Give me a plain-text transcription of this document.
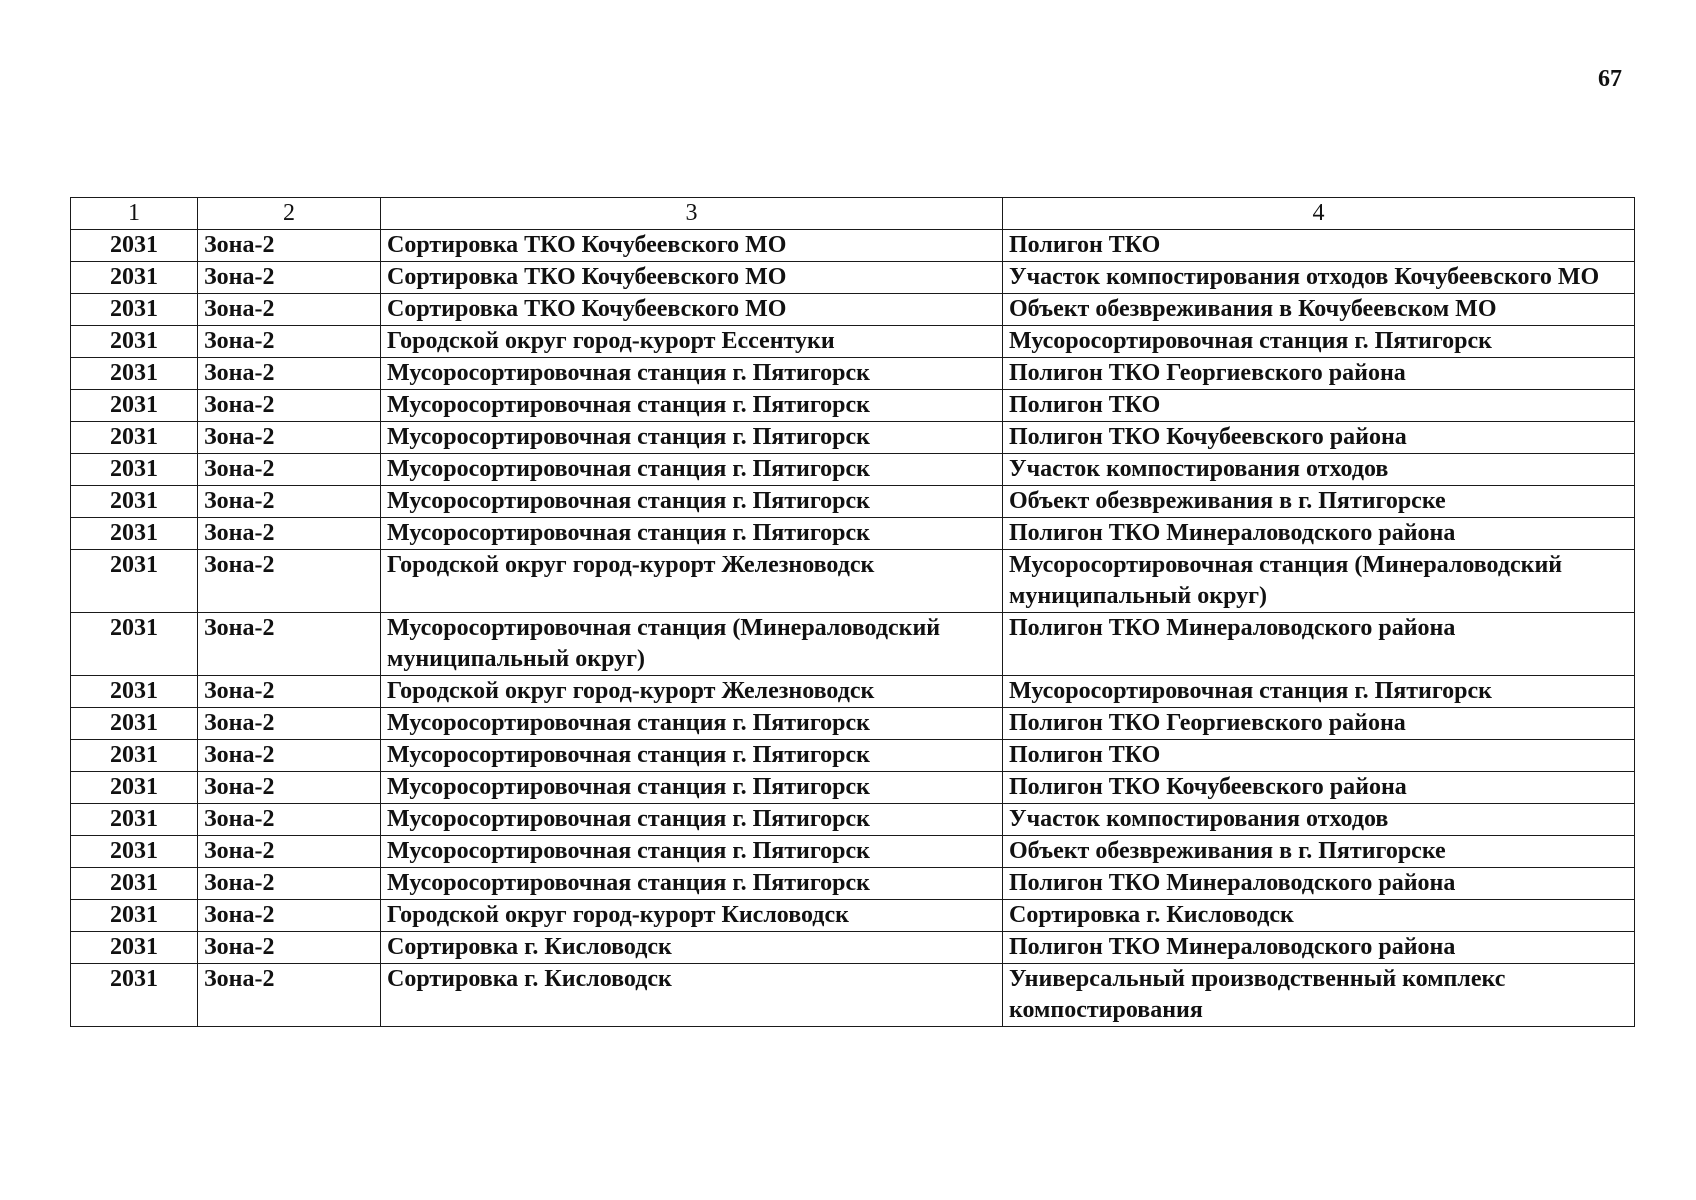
67
1	2	3	4
2031	Зона-2	Сортировка ТКО Кочубеевского МО	Полигон ТКО
2031	Зона-2	Сортировка ТКО Кочубеевского МО	Участок компостирования отходов Кочубеевского МО
2031	Зона-2	Сортировка ТКО Кочубеевского МО	Объект обезвреживания в Кочубеевском МО
2031	Зона-2	Городской округ город-курорт Ессентуки	Мусоросортировочная станция г. Пятигорск
2031	Зона-2	Мусоросортировочная станция г. Пятигорск	Полигон ТКО Георгиевского района
2031	Зона-2	Мусоросортировочная станция г. Пятигорск	Полигон ТКО
2031	Зона-2	Мусоросортировочная станция г. Пятигорск	Полигон ТКО Кочубеевского района
2031	Зона-2	Мусоросортировочная станция г. Пятигорск	Участок компостирования отходов
2031	Зона-2	Мусоросортировочная станция г. Пятигорск	Объект обезвреживания в г. Пятигорске
2031	Зона-2	Мусоросортировочная станция г. Пятигорск	Полигон ТКО Минераловодского района
2031	Зона-2	Городской округ город-курорт Железноводск	Мусоросортировочная станция (Минераловодский муниципальный округ)
2031	Зона-2	Мусоросортировочная станция (Минераловодский муниципальный округ)	Полигон ТКО Минераловодского района
2031	Зона-2	Городской округ город-курорт Железноводск	Мусоросортировочная станция г. Пятигорск
2031	Зона-2	Мусоросортировочная станция г. Пятигорск	Полигон ТКО Георгиевского района
2031	Зона-2	Мусоросортировочная станция г. Пятигорск	Полигон ТКО
2031	Зона-2	Мусоросортировочная станция г. Пятигорск	Полигон ТКО Кочубеевского района
2031	Зона-2	Мусоросортировочная станция г. Пятигорск	Участок компостирования отходов
2031	Зона-2	Мусоросортировочная станция г. Пятигорск	Объект обезвреживания в г. Пятигорске
2031	Зона-2	Мусоросортировочная станция г. Пятигорск	Полигон ТКО Минераловодского района
2031	Зона-2	Городской округ город-курорт Кисловодск	Сортировка г. Кисловодск
2031	Зона-2	Сортировка г. Кисловодск	Полигон ТКО Минераловодского района
2031	Зона-2	Сортировка г. Кисловодск	Универсальный производственный комплекс компостирования
